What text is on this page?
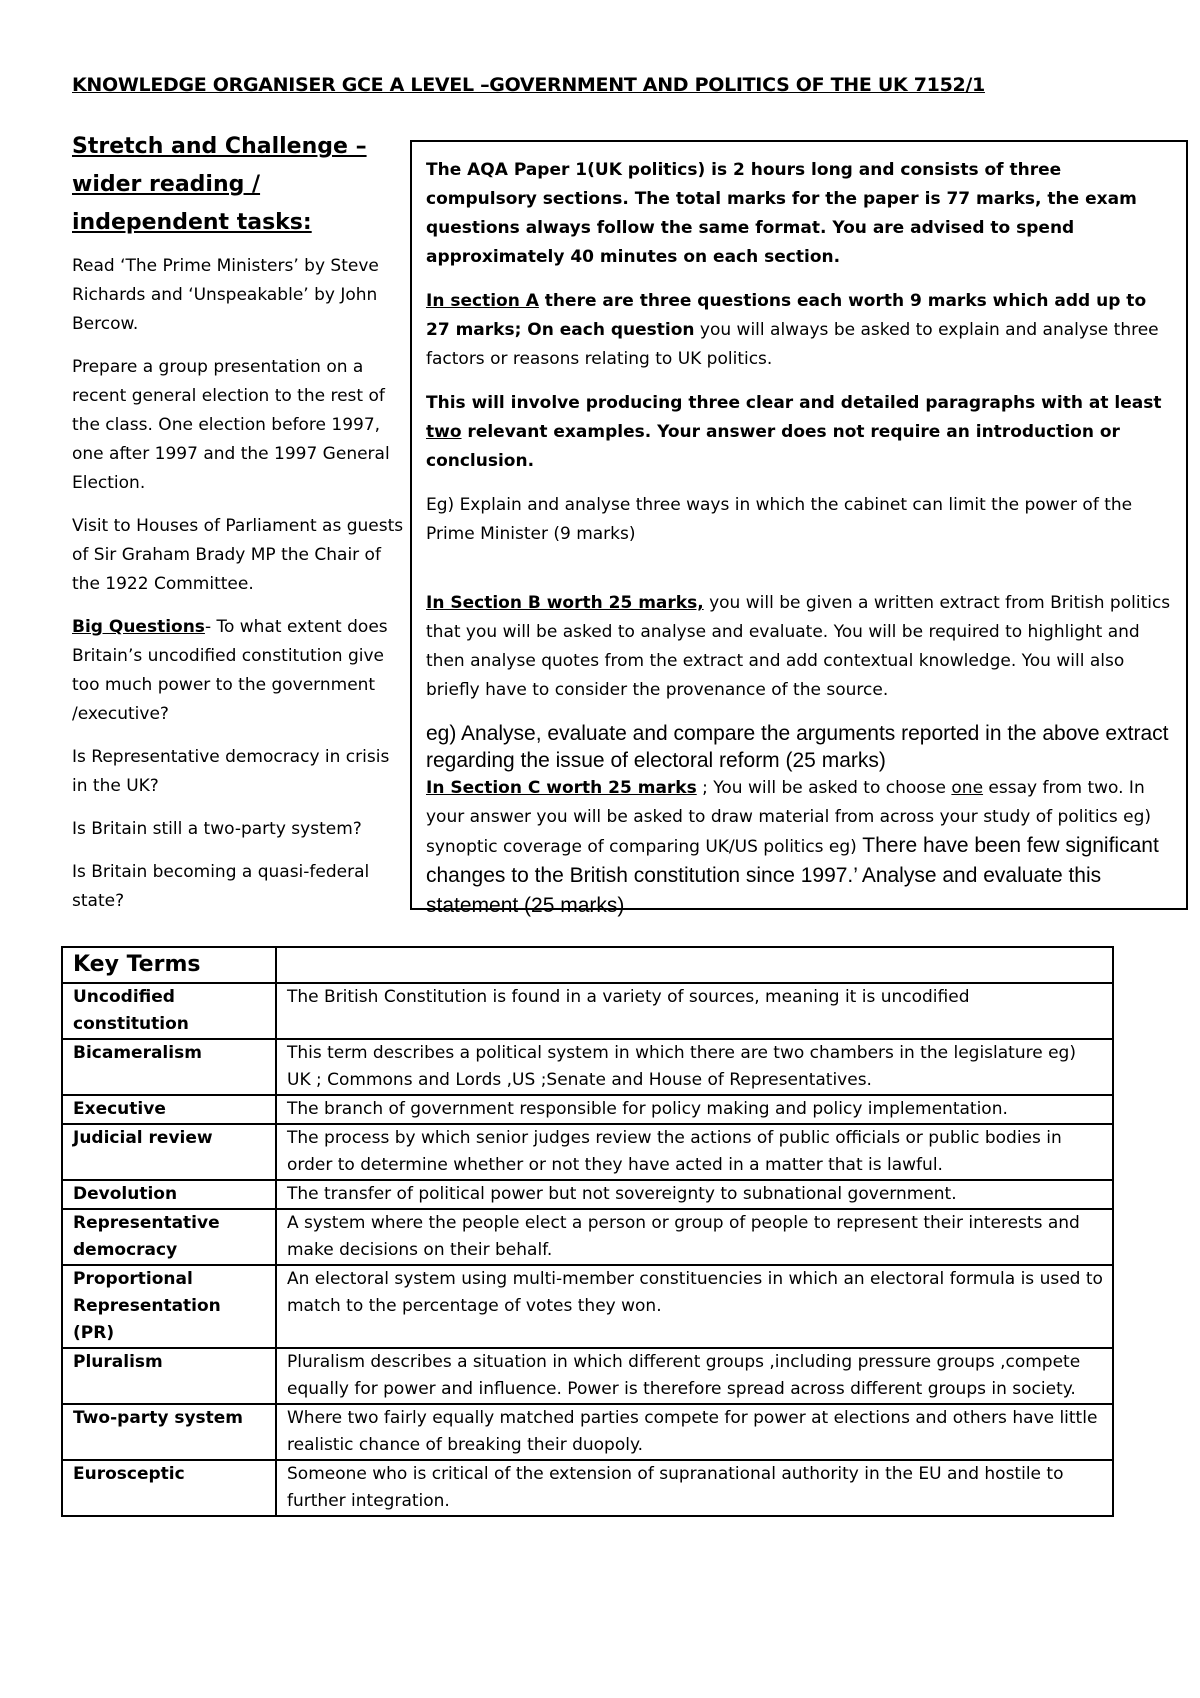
KNOWLEDGE ORGANISER GCE A LEVEL –GOVERNMENT AND POLITICS OF THE UK 7152/1
Stretch and Challenge – wider reading / independent tasks:

Read ‘The Prime Ministers’ by Steve Richards and ‘Unspeakable’ by John Bercow.

Prepare a group presentation on a recent general election to the rest of the class. One election before 1997, one after 1997 and the 1997 General Election.

Visit to Houses of Parliament as guests of Sir Graham Brady MP the Chair of the 1922 Committee.

Big Questions- To what extent does Britain’s uncodified constitution give too much power to the government /executive?

Is Representative democracy in crisis in the UK?

Is Britain still a two-party system?

Is Britain becoming a quasi-federal state?

The AQA Paper 1(UK politics) is 2 hours long and consists of three compulsory sections. The total marks for the paper is 77 marks, the exam questions always follow the same format. You are advised to spend approximately 40 minutes on each section.

In section A there are three questions each worth 9 marks which add up to 27 marks; On each question you will always be asked to explain and analyse three factors or reasons relating to UK politics.

This will involve producing three clear and detailed paragraphs with at least two relevant examples. Your answer does not require an introduction or conclusion.

Eg) Explain and analyse three ways in which the cabinet can limit the power of the Prime Minister (9 marks)

In Section B worth 25 marks, you will be given a written extract from British politics that you will be asked to analyse and evaluate. You will be required to highlight and then analyse quotes from the extract and add contextual knowledge. You will also briefly have to consider the provenance of the source.

eg) Analyse, evaluate and compare the arguments reported in the above extract regarding the issue of electoral reform (25 marks)
In Section C worth 25 marks ; You will be asked to choose one essay from two. In your answer you will be asked to draw material from across your study of politics eg) synoptic coverage of comparing UK/US politics eg) There have been few significant changes to the British constitution since 1997.’ Analyse and evaluate this statement (25 marks)
Key Terms	
Uncodified constitution	The British Constitution is found in a variety of sources, meaning it is uncodified
Bicameralism	This term describes a political system in which there are two chambers in the legislature eg) UK ; Commons and Lords ,US ;Senate and House of Representatives.
Executive	The branch of government responsible for policy making and policy implementation.
Judicial review	The process by which senior judges review the actions of public officials or public bodies in order to determine whether or not they have acted in a matter that is lawful.
Devolution	The transfer of political power but not sovereignty to subnational government.
Representative democracy	A system where the people elect a person or group of people to represent their interests and make decisions on their behalf.
Proportional Representation (PR)	An electoral system using multi-member constituencies in which an electoral formula is used to match to the percentage of votes they won.
Pluralism	Pluralism describes a situation in which different groups ,including pressure groups ,compete equally for power and influence. Power is therefore spread across different groups in society.
Two-party system	Where two fairly equally matched parties compete for power at elections and others have little realistic chance of breaking their duopoly.
Eurosceptic	Someone who is critical of the extension of supranational authority in the EU and hostile to further integration.
